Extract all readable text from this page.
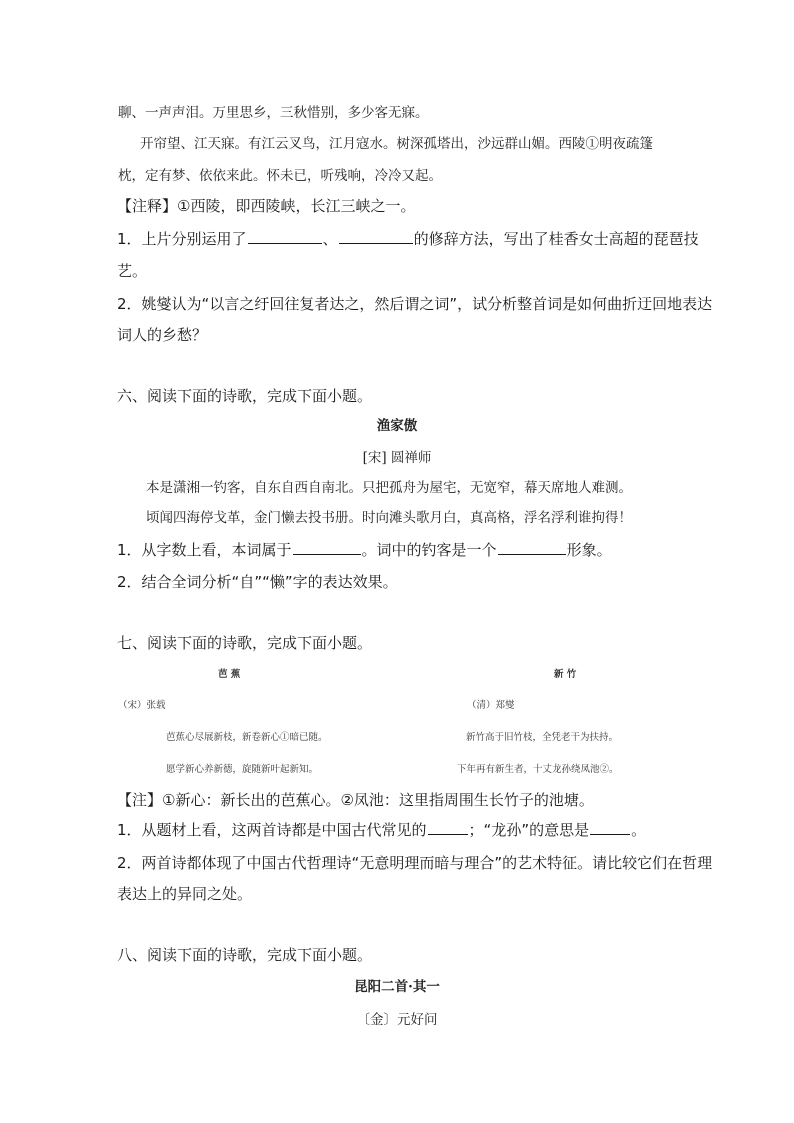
聊、一声声泪。万里思乡，三秋惜别，多少客无寐。
开帘望、江天寐。有江云叉鸟，江月寇水。树深孤塔出，沙远群山媚。西陵①明夜疏篷
枕，定有梦、依依来此。怀未已，听残响，冷冷又起。
【注释】①西陵，即西陵峡，长江三峡之一。
1．上片分别运用了	、	的修辞方法，写出了桂香女士高超的琵琶技
艺。
2．姚燮认为“以言之纡回往复者达之，然后谓之词”，试分析整首词是如何曲折迂回地表达
词人的乡愁？
六、阅读下面的诗歌，完成下面小题。
渔家傲
[宋] 圆禅师
本是潇湘一钓客，自东自西自南北。只把孤舟为屋宅，无宽窄，幕天席地人难测。
顷闻四海停戈革，金门懒去投书册。时向滩头歌月白，真高格，浮名浮利谁拘得！
1．从字数上看，本词属于	。词中的钓客是一个	形象。
2．结合全词分析“自”“懒”字的表达效果。
七、阅读下面的诗歌，完成下面小题。
芭 蕉	新 竹
（宋）张载	（清）郑燮
芭蕉心尽展新枝，新卷新心①暗已随。	新竹高于旧竹枝，全凭老干为扶持。
愿学新心养新德，旋随新叶起新知。	下年再有新生者，十丈龙孙绕凤池②。
【注】①新心：新长出的芭蕉心。②凤池：这里指周围生长竹子的池塘。
1．从题材上看，这两首诗都是中国古代常见的	；“龙孙”的意思是	。
2．两首诗都体现了中国古代哲理诗“无意明理而暗与理合”的艺术特征。请比较它们在哲理
表达上的异同之处。
八、阅读下面的诗歌，完成下面小题。
昆阳二首·其一
〔金〕元好问
